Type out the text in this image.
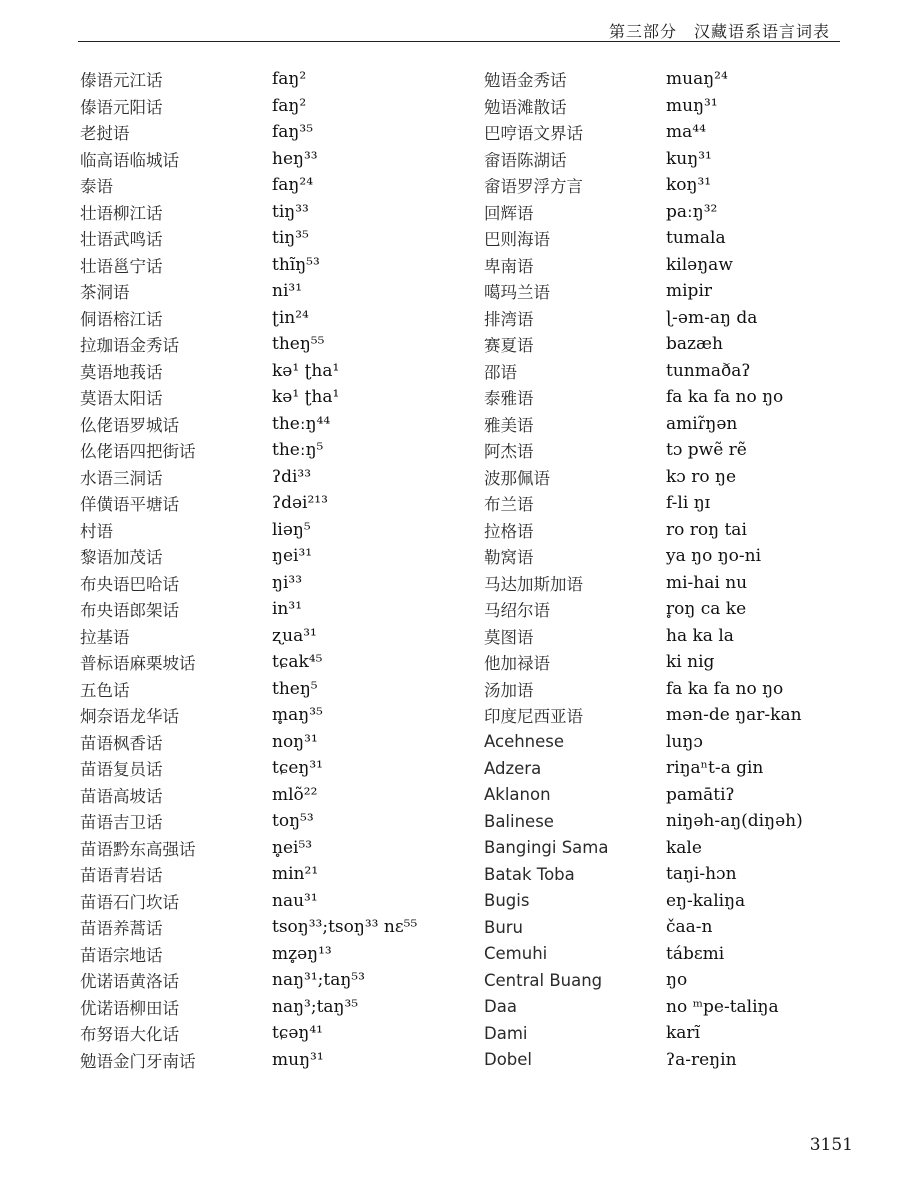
第三部分　汉藏语系语言词表
傣语元江话	faŋ²
傣语元阳话	faŋ²
老挝语	faŋ³⁵
临高语临城话	heŋ³³
泰语	faŋ²⁴
壮语柳江话	tiŋ³³
壮语武鸣话	tiŋ³⁵
壮语邕宁话	thĩŋ⁵³
茶洞语	ni³¹
侗语榕江话	ʈin²⁴
拉珈语金秀话	theŋ⁵⁵
莫语地莪话	kə¹ ʈha¹
莫语太阳话	kə¹ ʈha¹
仫佬语罗城话	theːŋ⁴⁴
仫佬语四把街话	theːŋ⁵
水语三洞话	ʔdi³³
佯僙语平塘话	ʔdəi²¹³
村语	liəŋ⁵
黎语加茂话	ŋei³¹
布央语巴哈话	ŋi³³
布央语郎架话	in³¹
拉基语	ʐua³¹
普标语麻栗坡话	tɕak⁴⁵
五色话	theŋ⁵
炯奈语龙华话	m̥aŋ³⁵
苗语枫香话	noŋ³¹
苗语复员话	tɕeŋ³¹
苗语高坡话	mlõ²²
苗语吉卫话	toŋ⁵³
苗语黔东高强话	n̥ei⁵³
苗语青岩话	min²¹
苗语石门坎话	nau³¹
苗语养蒿话	tsoŋ³³;tsoŋ³³ nɛ⁵⁵
苗语宗地话	mz̥əŋ¹³
优诺语黄洛话	naŋ³¹;taŋ⁵³
优诺语柳田话	naŋ³;taŋ³⁵
布努语大化话	tɕəŋ⁴¹
勉语金门牙南话	muŋ³¹
勉语金秀话	muaŋ²⁴
勉语滩散话	muŋ³¹
巴哼语文界话	ma⁴⁴
畲语陈湖话	kuŋ³¹
畲语罗浮方言	koŋ³¹
回辉语	paːŋ³²
巴则海语	tumala
卑南语	kiləŋaw
噶玛兰语	mipir
排湾语	ɭ-əm-aŋ da
赛夏语	bazæh
邵语	tunmaðaʔ
泰雅语	fa ka fa no ŋo
雅美语	amiɾ̃ŋən
阿杰语	tɔ pwẽ rẽ
波那佩语	kɔ ro ŋe
布兰语	f-li ŋɪ
拉格语	ro roŋ tai
勒窝语	ya ŋo ŋo-ni
马达加斯加语	mi-hai nu
马绍尔语	r̥oŋ ca ke
莫图语	ha ka la
他加禄语	ki nig
汤加语	fa ka fa no ŋo
印度尼西亚语	mən-de ŋar-kan
Acehnese	luŋɔ
Adzera	riŋaⁿt-a gin
Aklanon	pamātiʔ
Balinese	niŋəh-aŋ(diŋəh)
Bangingi Sama	kale
Batak Toba	taŋi-hɔn
Bugis	eŋ-kaliŋa
Buru	čaa-n
Cemuhi	tábɛmi
Central Buang	ŋo
Daa	no ᵐpe-taliŋa
Dami	karĩ
Dobel	ʔa-reŋin
3151
